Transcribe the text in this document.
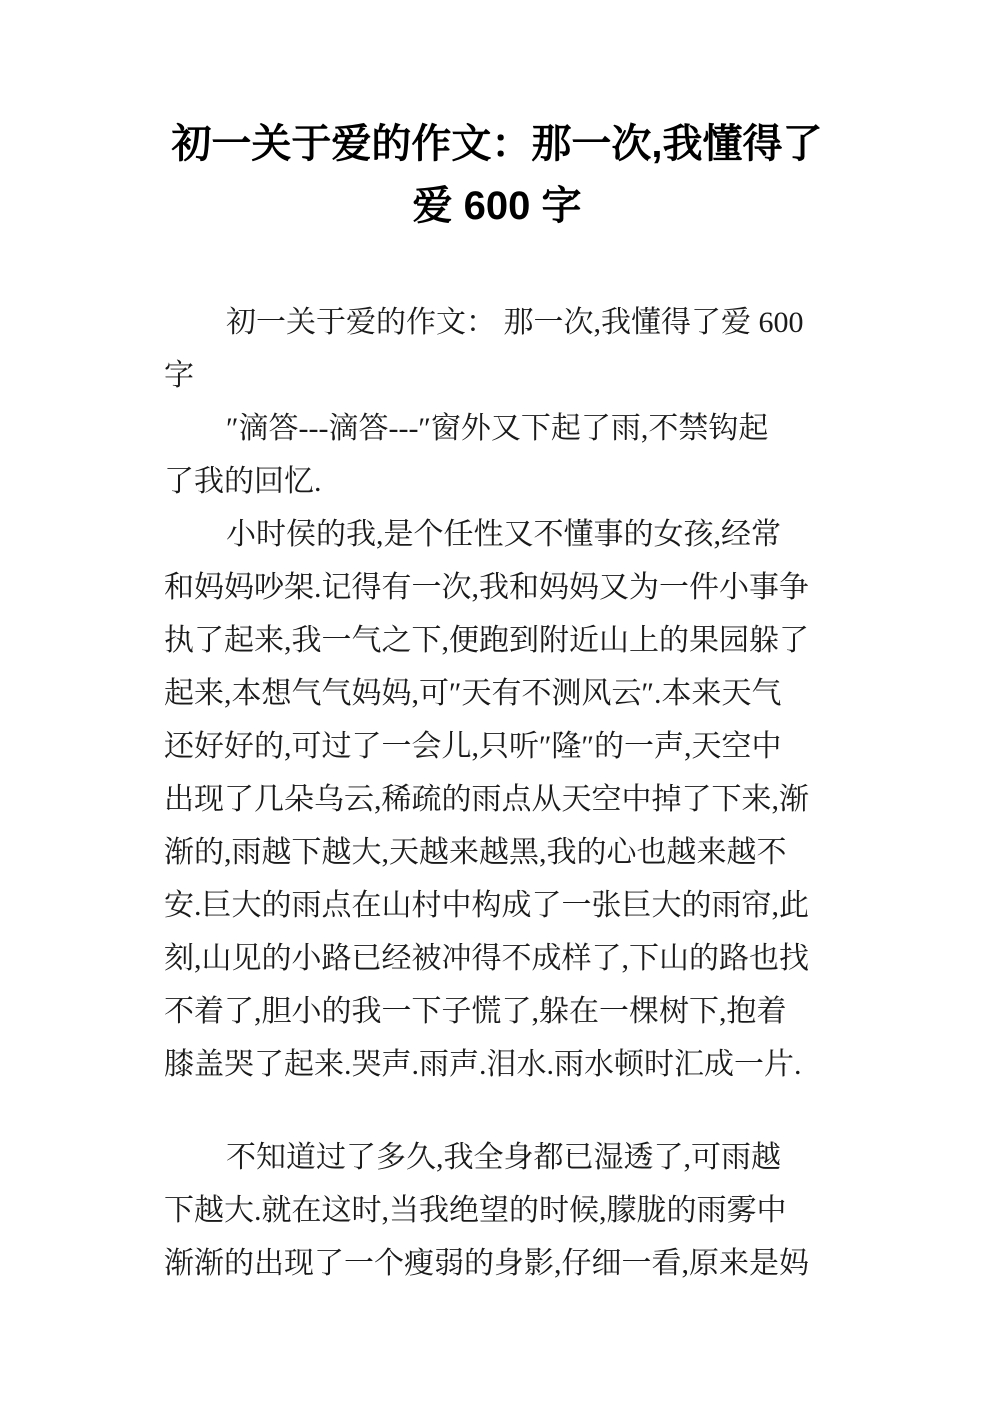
初一关于爱的作文：那一次,我懂得了
爱 600 字
初一关于爱的作文： 那一次,我懂得了爱 600
字
″滴答---滴答---″窗外又下起了雨,不禁钩起
了我的回忆.
小时侯的我,是个任性又不懂事的女孩,经常
和妈妈吵架.记得有一次,我和妈妈又为一件小事争
执了起来,我一气之下,便跑到附近山上的果园躲了
起来,本想气气妈妈,可″天有不测风云″.本来天气
还好好的,可过了一会儿,只听″隆″的一声,天空中
出现了几朵乌云,稀疏的雨点从天空中掉了下来,渐
渐的,雨越下越大,天越来越黑,我的心也越来越不
安.巨大的雨点在山村中构成了一张巨大的雨帘,此
刻,山见的小路已经被冲得不成样了,下山的路也找
不着了,胆小的我一下子慌了,躲在一棵树下,抱着
膝盖哭了起来.哭声.雨声.泪水.雨水顿时汇成一片.
不知道过了多久,我全身都已湿透了,可雨越
下越大.就在这时,当我绝望的时候,朦胧的雨雾中
渐渐的出现了一个瘦弱的身影,仔细一看,原来是妈
